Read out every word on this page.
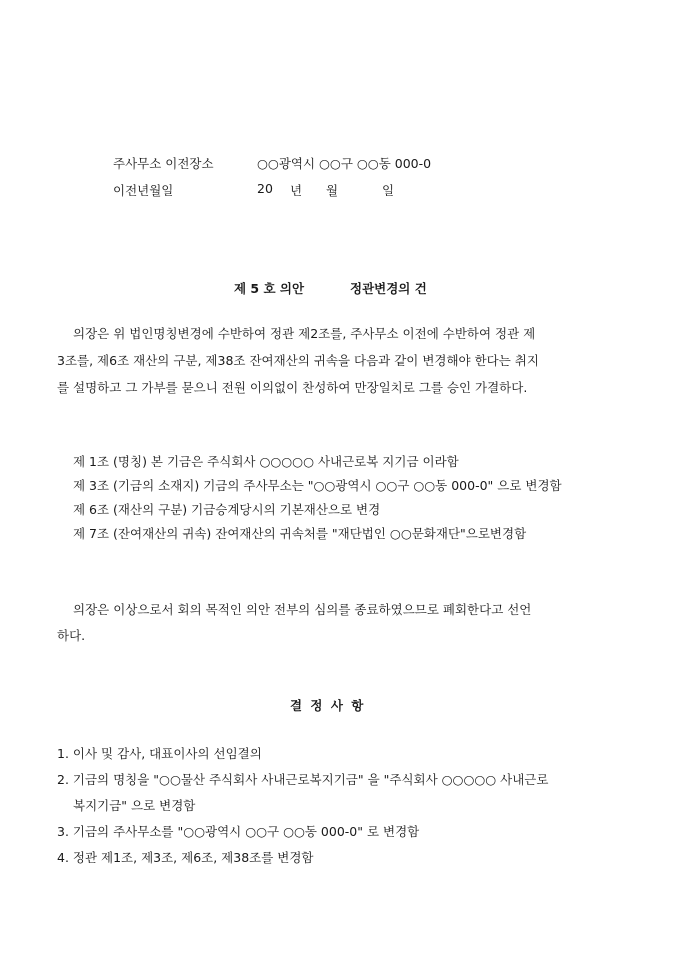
주사무소 이전장소	○○광역시 ○○구 ○○동 000-0
이전년월일	20 년 월	일
제 5 호 의안	정관변경의 건
의장은 위 법인명칭변경에 수반하여 정관 제2조를, 주사무소 이전에 수반하여 정관 제
3조를, 제6조 재산의 구분, 제38조 잔여재산의 귀속을 다음과 같이 변경해야 한다는 취지
를 설명하고 그 가부를 묻으니 전원 이의없이 찬성하여 만장일치로 그를 승인 가결하다.
제 1조 (명칭) 본 기금은 주식회사 ○○○○○ 사내근로복 지기금 이라함
제 3조 (기금의 소재지) 기금의 주사무소는 "○○광역시 ○○구 ○○동 000-0" 으로 변경함
제 6조 (재산의 구분) 기금승계당시의 기본재산으로 변경
제 7조 (잔여재산의 귀속) 잔여재산의 귀속처를 "재단법인 ○○문화재단"으로변경함
의장은 이상으로서 회의 목적인 의안 전부의 심의를 종료하였으므로 폐회한다고 선언
하다.
결 정 사 항
1. 이사 및 감사, 대표이사의 선임결의
2. 기금의 명칭을 "○○물산 주식회사 사내근로복지기금" 을 "주식회사 ○○○○○ 사내근로
복지기금" 으로 변경함
3. 기금의 주사무소를 "○○광역시 ○○구 ○○동 000-0" 로 변경함
4. 정관 제1조, 제3조, 제6조, 제38조를 변경함
